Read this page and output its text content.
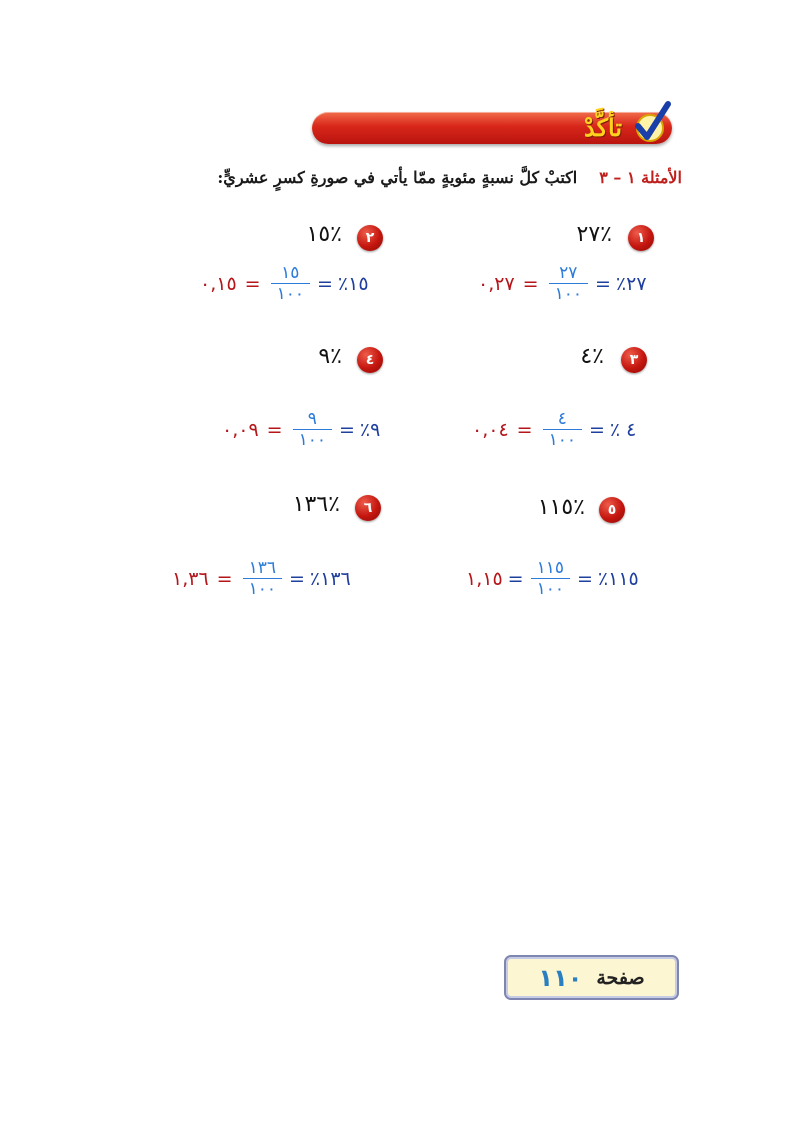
تأكَّدْ
الأمثلة ١ – ٣اكتبْ كلَّ نسبةٍ مئويةٍ ممّا يأتي في صورةِ كسرٍ عشريٍّ:
١
٪٢٧
٠,٢٧ = $\frac{٢٧}{١٠٠}$ = ٪٢٧
٢
٪١٥
٠,١٥ = $\frac{١٥}{١٠٠}$ = ٪١٥
٣
٪٤
٠,٠٤ = $\frac{٤}{١٠٠}$ = ٪ ٤
٤
٪٩
٠,٠٩ = $\frac{٩}{١٠٠}$ = ٪٩
٥
٪١١٥
١,١٥ = $\frac{١١٥}{١٠٠}$ = ٪١١٥
٦
٪١٣٦
١,٣٦ = $\frac{١٣٦}{١٠٠}$ = ٪١٣٦
صفحة
١١٠
